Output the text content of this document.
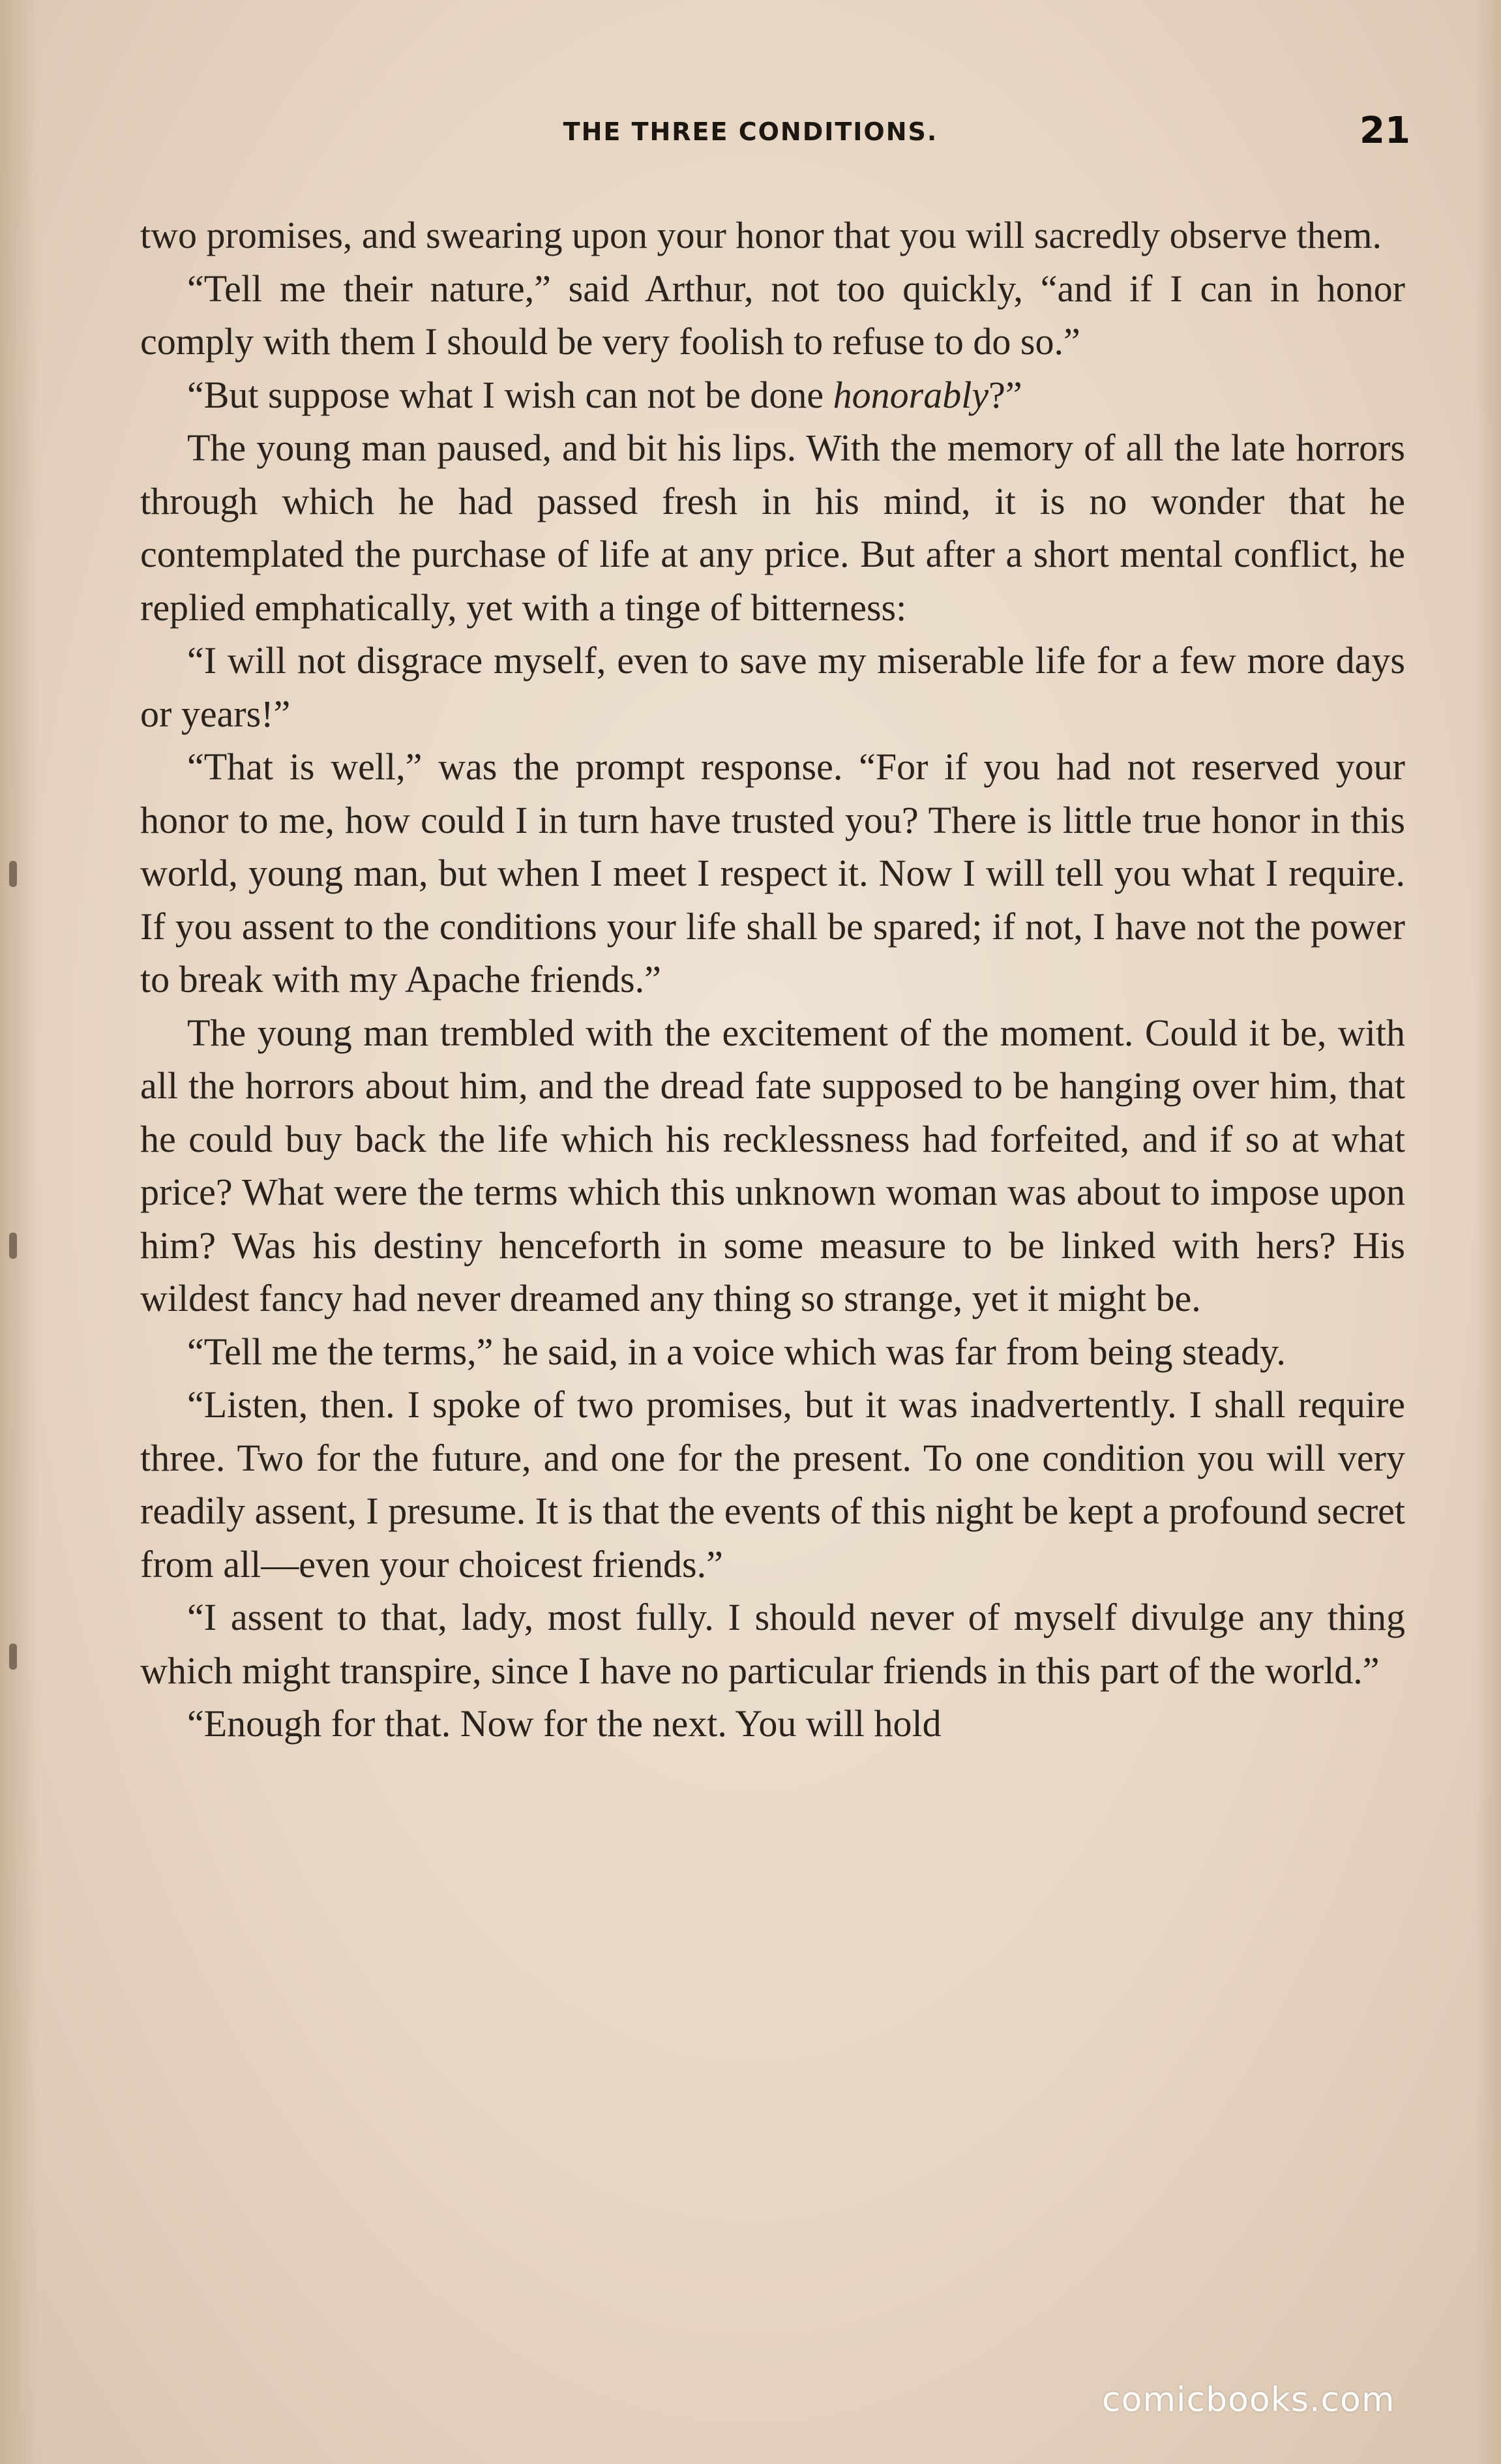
THE THREE CONDITIONS.	21

two promises, and swearing upon your honor that you will sacredly observe them.

“Tell me their nature,” said Arthur, not too quickly, “and if I can in honor comply with them I should be very foolish to refuse to do so.”

“But suppose what I wish can not be done honorably?”

The young man paused, and bit his lips. With the memory of all the late horrors through which he had passed fresh in his mind, it is no wonder that he contemplated the purchase of life at any price. But after a short mental conflict, he replied emphatically, yet with a tinge of bitterness:

“I will not disgrace myself, even to save my miserable life for a few more days or years!”

“That is well,” was the prompt response. “For if you had not reserved your honor to me, how could I in turn have trusted you? There is little true honor in this world, young man, but when I meet I respect it. Now I will tell you what I require. If you assent to the conditions your life shall be spared; if not, I have not the power to break with my Apache friends.”

The young man trembled with the excitement of the moment. Could it be, with all the horrors about him, and the dread fate supposed to be hanging over him, that he could buy back the life which his recklessness had forfeited, and if so at what price? What were the terms which this unknown woman was about to impose upon him? Was his destiny henceforth in some measure to be linked with hers? His wildest fancy had never dreamed any thing so strange, yet it might be.

“Tell me the terms,” he said, in a voice which was far from being steady.

“Listen, then. I spoke of two promises, but it was inadvertently. I shall require three. Two for the future, and one for the present. To one condition you will very readily assent, I presume. It is that the events of this night be kept a profound secret from all—even your choicest friends.”

“I assent to that, lady, most fully. I should never of myself divulge any thing which might transpire, since I have no particular friends in this part of the world.”

“Enough for that. Now for the next. You will hold

comicbooks.com
